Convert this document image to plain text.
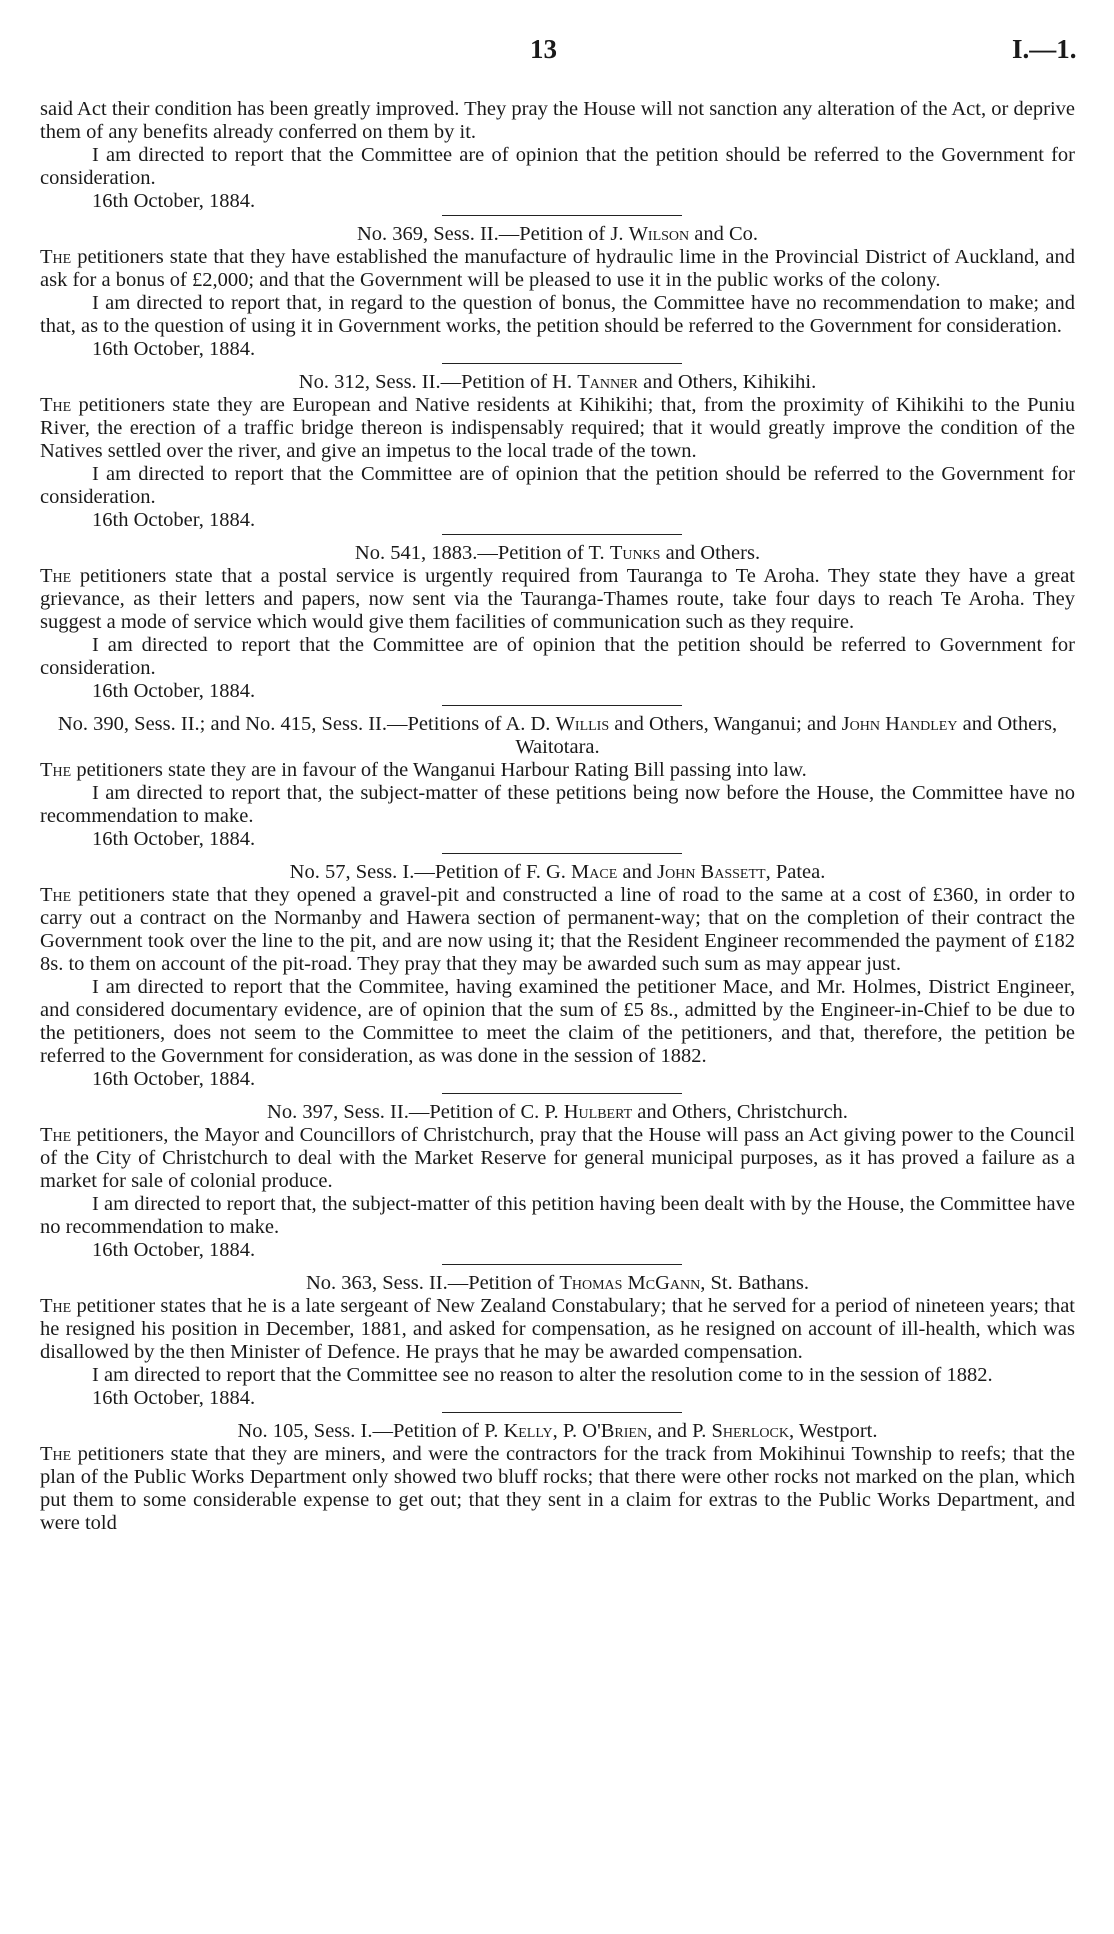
13	I.—1.

said Act their condition has been greatly improved. They pray the House will not sanction any alteration of the Act, or deprive them of any benefits already conferred on them by it.

I am directed to report that the Committee are of opinion that the petition should be referred to the Government for consideration.

16th October, 1884.

No. 369, Sess. II.—Petition of J. Wilson and Co.

The petitioners state that they have established the manufacture of hydraulic lime in the Provincial District of Auckland, and ask for a bonus of £2,000; and that the Government will be pleased to use it in the public works of the colony.

I am directed to report that, in regard to the question of bonus, the Committee have no recommendation to make; and that, as to the question of using it in Government works, the petition should be referred to the Government for consideration.

16th October, 1884.

No. 312, Sess. II.—Petition of H. Tanner and Others, Kihikihi.

The petitioners state they are European and Native residents at Kihikihi; that, from the proximity of Kihikihi to the Puniu River, the erection of a traffic bridge thereon is indispensably required; that it would greatly improve the condition of the Natives settled over the river, and give an impetus to the local trade of the town.

I am directed to report that the Committee are of opinion that the petition should be referred to the Government for consideration.

16th October, 1884.

No. 541, 1883.—Petition of T. Tunks and Others.

The petitioners state that a postal service is urgently required from Tauranga to Te Aroha. They state they have a great grievance, as their letters and papers, now sent via the Tauranga-Thames route, take four days to reach Te Aroha. They suggest a mode of service which would give them facilities of communication such as they require.

I am directed to report that the Committee are of opinion that the petition should be referred to Government for consideration.

16th October, 1884.

No. 390, Sess. II.; and No. 415, Sess. II.—Petitions of A. D. Willis and Others, Wanganui; and John Handley and Others, Waitotara.

The petitioners state they are in favour of the Wanganui Harbour Rating Bill passing into law.

I am directed to report that, the subject-matter of these petitions being now before the House, the Committee have no recommendation to make.

16th October, 1884.

No. 57, Sess. I.—Petition of F. G. Mace and John Bassett, Patea.

The petitioners state that they opened a gravel-pit and constructed a line of road to the same at a cost of £360, in order to carry out a contract on the Normanby and Hawera section of permanent-way; that on the completion of their contract the Government took over the line to the pit, and are now using it; that the Resident Engineer recommended the payment of £182 8s. to them on account of the pit-road. They pray that they may be awarded such sum as may appear just.

I am directed to report that the Commitee, having examined the petitioner Mace, and Mr. Holmes, District Engineer, and considered documentary evidence, are of opinion that the sum of £5 8s., admitted by the Engineer-in-Chief to be due to the petitioners, does not seem to the Committee to meet the claim of the petitioners, and that, therefore, the petition be referred to the Government for consideration, as was done in the session of 1882.

16th October, 1884.

No. 397, Sess. II.—Petition of C. P. Hulbert and Others, Christchurch.

The petitioners, the Mayor and Councillors of Christchurch, pray that the House will pass an Act giving power to the Council of the City of Christchurch to deal with the Market Reserve for general municipal purposes, as it has proved a failure as a market for sale of colonial produce.

I am directed to report that, the subject-matter of this petition having been dealt with by the House, the Committee have no recommendation to make.

16th October, 1884.

No. 363, Sess. II.—Petition of Thomas McGann, St. Bathans.

The petitioner states that he is a late sergeant of New Zealand Constabulary; that he served for a period of nineteen years; that he resigned his position in December, 1881, and asked for compensation, as he resigned on account of ill-health, which was disallowed by the then Minister of Defence. He prays that he may be awarded compensation.

I am directed to report that the Committee see no reason to alter the resolution come to in the session of 1882.

16th October, 1884.

No. 105, Sess. I.—Petition of P. Kelly, P. O'Brien, and P. Sherlock, Westport.

The petitioners state that they are miners, and were the contractors for the track from Mokihinui Township to reefs; that the plan of the Public Works Department only showed two bluff rocks; that there were other rocks not marked on the plan, which put them to some considerable expense to get out; that they sent in a claim for extras to the Public Works Department, and were told
